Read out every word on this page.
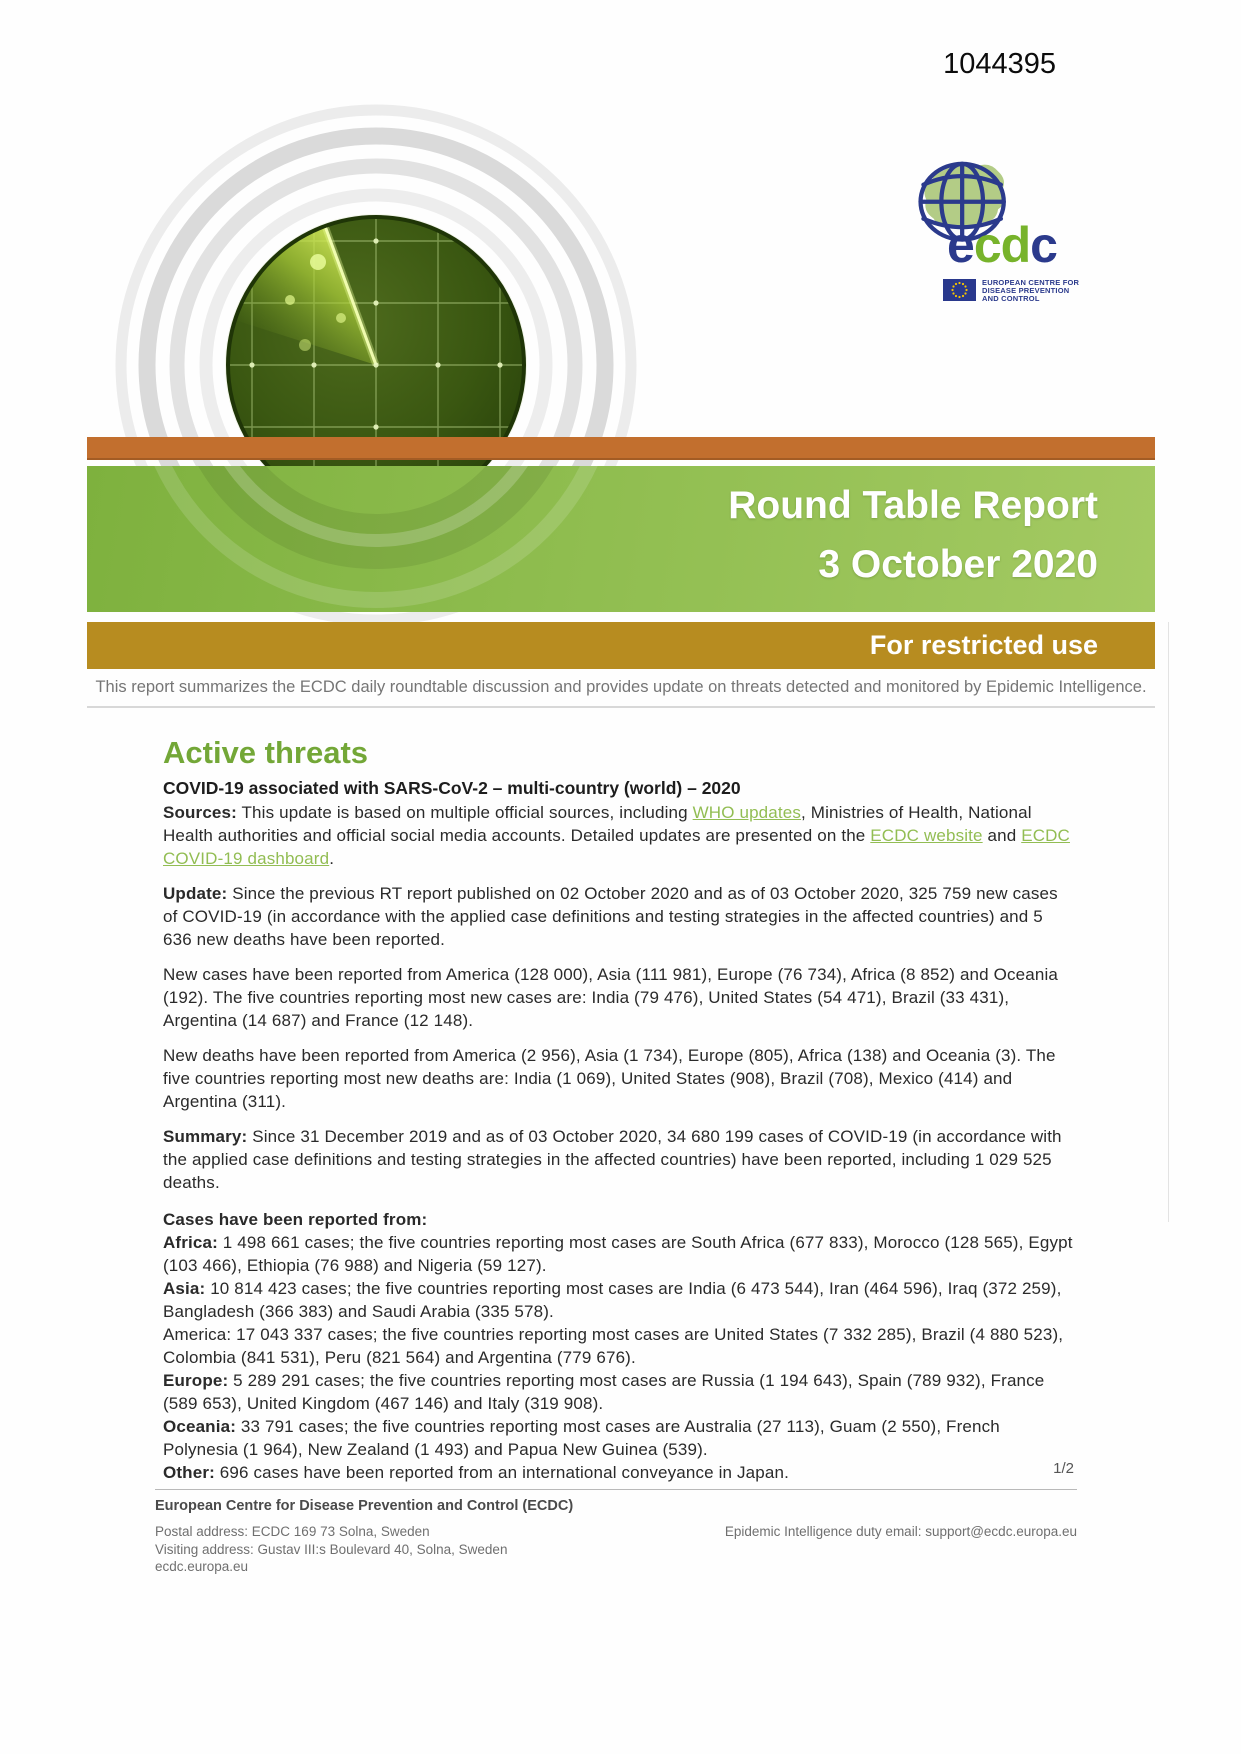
1044395
ecdc
EUROPEAN CENTRE FOR
DISEASE PREVENTION
AND CONTROL
Round Table Report
3 October 2020
For restricted use
This report summarizes the ECDC daily roundtable discussion and provides update on threats detected and monitored by Epidemic Intelligence.
Active threats
COVID-19 associated with SARS-CoV-2 – multi-country (world) – 2020

Sources: This update is based on multiple official sources, including WHO updates, Ministries of Health, National Health authorities and official social media accounts. Detailed updates are presented on the ECDC website and ECDC COVID-19 dashboard.

Update: Since the previous RT report published on 02 October 2020 and as of 03 October 2020, 325 759 new cases of COVID-19 (in accordance with the applied case definitions and testing strategies in the affected countries) and 5 636 new deaths have been reported.

New cases have been reported from America (128 000), Asia (111 981), Europe (76 734), Africa (8 852) and Oceania (192). The five countries reporting most new cases are: India (79 476), United States (54 471), Brazil (33 431), Argentina (14 687) and France (12 148).

New deaths have been reported from America (2 956), Asia (1 734), Europe (805), Africa (138) and Oceania (3). The five countries reporting most new deaths are: India (1 069), United States (908), Brazil (708), Mexico (414) and Argentina (311).

Summary: Since 31 December 2019 and as of 03 October 2020, 34 680 199 cases of COVID-19 (in accordance with the applied case definitions and testing strategies in the affected countries) have been reported, including 1 029 525 deaths.

Cases have been reported from:
Africa: 1 498 661 cases; the five countries reporting most cases are South Africa (677 833), Morocco (128 565), Egypt (103 466), Ethiopia (76 988) and Nigeria (59 127).
Asia: 10 814 423 cases; the five countries reporting most cases are India (6 473 544), Iran (464 596), Iraq (372 259), Bangladesh (366 383) and Saudi Arabia (335 578).
America: 17 043 337 cases; the five countries reporting most cases are United States (7 332 285), Brazil (4 880 523), Colombia (841 531), Peru (821 564) and Argentina (779 676).
Europe: 5 289 291 cases; the five countries reporting most cases are Russia (1 194 643), Spain (789 932), France (589 653), United Kingdom (467 146) and Italy (319 908).
Oceania: 33 791 cases; the five countries reporting most cases are Australia (27 113), Guam (2 550), French Polynesia (1 964), New Zealand (1 493) and Papua New Guinea (539).
Other: 696 cases have been reported from an international conveyance in Japan.	1/2
European Centre for Disease Prevention and Control (ECDC)
Postal address: ECDC 169 73 Solna, Sweden
Visiting address: Gustav III:s Boulevard 40, Solna, Sweden
ecdc.europa.eu
Epidemic Intelligence duty email: support@ecdc.europa.eu
